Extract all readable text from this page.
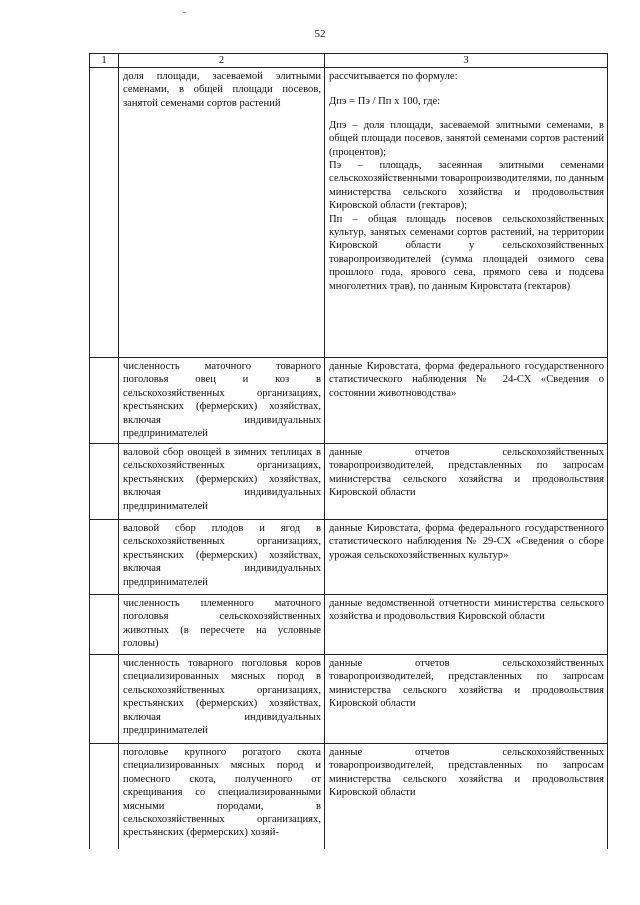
52
1	2	3
	доля площади, засеваемой элитными семенами, в общей площади посевов, занятой семенами сортов растений	рассчитывается по формуле:

Дпэ = Пэ / Пп х 100, где:

Дпэ – доля площади, засеваемой элитными семенами, в общей площади посевов, занятой семенами сортов растений (процентов);

Пэ – площадь, засеянная элитными семенами сельскохозяйственными товаропроизводителями, по данным министерства сельского хозяйства и продовольствия Кировской области (гектаров);

Пп – общая площадь посевов сельскохозяйственных культур, занятых семенами сортов растений, на территории Кировской области у сельскохозяйственных товаропроизводителей (сумма площадей озимого сева прошлого года, ярового сева, прямого сева и подсева многолетних трав), по данным Кировстата (гектаров)

	численность маточного товарного поголовья овец и коз в сельскохозяйственных организациях, крестьянских (фермерских) хозяйствах, включая индивидуальных предпринимателей	данные Кировстата, форма федерального государственного статистического наблюдения № 24-СХ «Сведения о состоянии животноводства»
	валовой сбор овощей в зимних теплицах в сельскохозяйственных организациях, крестьянских (фермерских) хозяйствах, включая индивидуальных предпринимателей	данные отчетов сельскохозяйственных товаропроизводителей, представленных по запросам министерства сельского хозяйства и продовольствия Кировской области
	валовой сбор плодов и ягод в сельскохозяйственных организациях, крестьянских (фермерских) хозяйствах, включая индивидуальных предпринимателей	данные Кировстата, форма федерального государственного статистического наблюдения № 29-СХ «Сведения о сборе урожая сельскохозяйственных культур»
	численность племенного маточного поголовья сельскохозяйственных животных (в пересчете на условные головы)	данные ведомственной отчетности министерства сельского хозяйства и продовольствия Кировской области
	численность товарного поголовья коров специализированных мясных пород в сельскохозяйственных организациях, крестьянских (фермерских) хозяйствах, включая индивидуальных предпринимателей	данные отчетов сельскохозяйственных товаропроизводителей, представленных по запросам министерства сельского хозяйства и продовольствия Кировской области
	поголовье крупного рогатого скота специализированных мясных пород и помесного скота, полученного от скрещивания со специализированными мясными породами, в сельскохозяйственных организациях, крестьянских (фермерских) хозяй-	данные отчетов сельскохозяйственных товаропроизводителей, представленных по запросам министерства сельского хозяйства и продовольствия Кировской области
